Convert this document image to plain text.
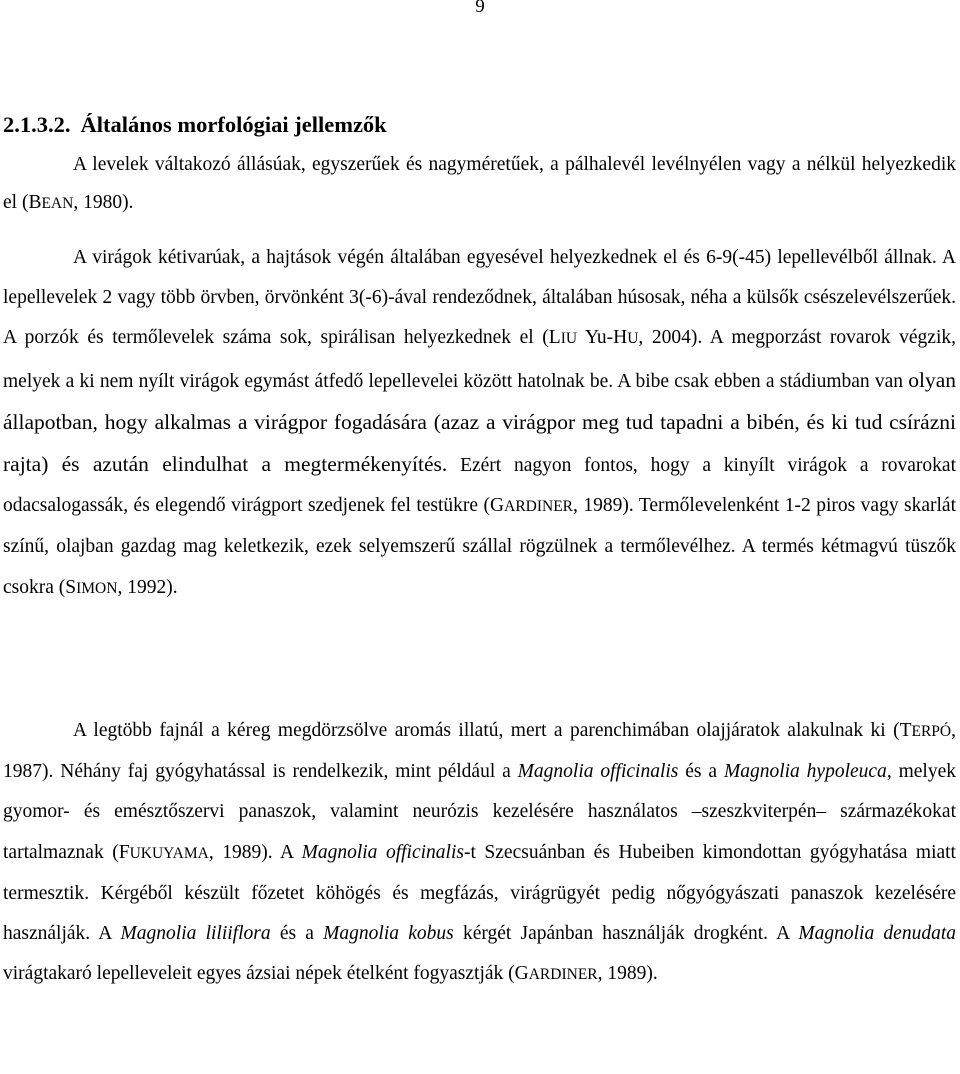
9
2.1.3.2. Általános morfológiai jellemzők

A levelek váltakozó állásúak, egyszerűek és nagyméretűek, a pálhalevél levélnyélen vagy a nélkül helyezkedik el (BEAN, 1980).

A virágok kétivarúak, a hajtások végén általában egyesével helyezkednek el és 6-9(-45) lepellevélből állnak. A lepellevelek 2 vagy több örvben, örvönként 3(-6)-ával rendeződnek, általában húsosak, néha a külsők csészelevélszerűek. A porzók és termőlevelek száma sok, spirálisan helyezkednek el (LIU Yu-HU, 2004). A megporzást rovarok végzik, melyek a ki nem nyílt virágok egymást átfedő lepellevelei között hatolnak be. A bibe csak ebben a stádiumban van olyan állapotban, hogy alkalmas a virágpor fogadására (azaz a virágpor meg tud tapadni a bibén, és ki tud csírázni rajta) és azután elindulhat a megtermékenyítés. Ezért nagyon fontos, hogy a kinyílt virágok a rovarokat odacsalogassák, és elegendő virágport szedjenek fel testükre (GARDINER, 1989). Termőlevelenként 1-2 piros vagy skarlát színű, olajban gazdag mag keletkezik, ezek selyemszerű szállal rögzülnek a termőlevélhez. A termés kétmagvú tüszők csokra (SIMON, 1992).

A legtöbb fajnál a kéreg megdörzsölve aromás illatú, mert a parenchimában olajjáratok alakulnak ki (TERPÓ, 1987). Néhány faj gyógyhatással is rendelkezik, mint például a Magnolia officinalis és a Magnolia hypoleuca, melyek gyomor- és emésztőszervi panaszok, valamint neurózis kezelésére használatos –szeszkviterpén– származékokat tartalmaznak (FUKUYAMA, 1989). A Magnolia officinalis-t Szecsuánban és Hubeiben kimondottan gyógyhatása miatt termesztik. Kérgéből készült főzetet köhögés és megfázás, virágrügyét pedig nőgyógyászati panaszok kezelésére használják. A Magnolia liliiflora és a Magnolia kobus kérgét Japánban használják drogként. A Magnolia denudata virágtakaró lepelleveleit egyes ázsiai népek ételként fogyasztják (GARDINER, 1989).
